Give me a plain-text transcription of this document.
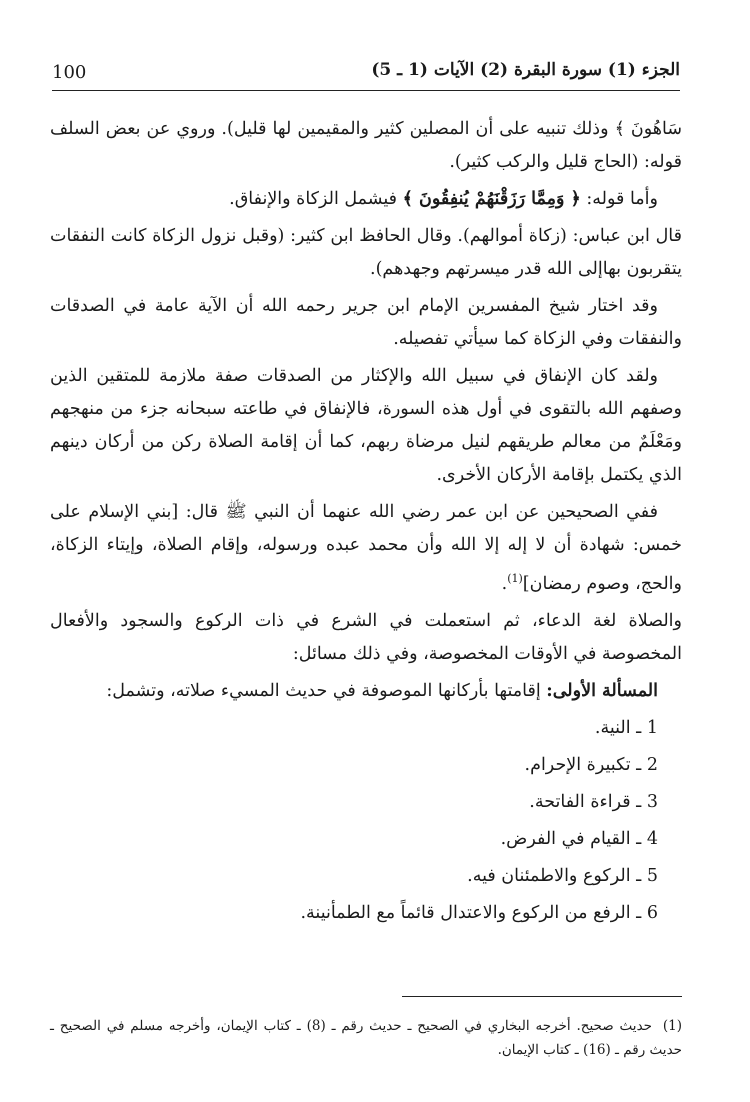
100	الجزء (1) سورة البقرة (2) الآيات (1 ـ 5)

سَاهُونَ ﴾ وذلك تنبيه على أن المصلين كثير والمقيمين لها قليل). وروي عن بعض السلف قوله: (الحاج قليل والركب كثير).

وأما قوله: ﴿ وَمِمَّا رَزَقْنَهُمْ يُنفِقُونَ ﴾ فيشمل الزكاة والإنفاق.

قال ابن عباس: (زكاة أموالهم). وقال الحافظ ابن كثير: (وقبل نزول الزكاة كانت النفقات يتقربون بهاإلى الله قدر ميسرتهم وجهدهم).

وقد اختار شيخ المفسرين الإمام ابن جرير رحمه الله أن الآية عامة في الصدقات والنفقات وفي الزكاة كما سيأتي تفصيله.

ولقد كان الإنفاق في سبيل الله والإكثار من الصدقات صفة ملازمة للمتقين الذين وصفهم الله بالتقوى في أول هذه السورة، فالإنفاق في طاعته سبحانه جزء من منهجهم ومَعْلَمٌ من معالم طريقهم لنيل مرضاة ربهم، كما أن إقامة الصلاة ركن من أركان دينهم الذي يكتمل بإقامة الأركان الأخرى.

ففي الصحيحين عن ابن عمر رضي الله عنهما أن النبي ﷺ قال: [بني الإسلام على خمس: شهادة أن لا إله إلا الله وأن محمد عبده ورسوله، وإقام الصلاة، وإيتاء الزكاة، والحج، وصوم رمضان]$^{(1)}$.

والصلاة لغة الدعاء، ثم استعملت في الشرع في ذات الركوع والسجود والأفعال المخصوصة في الأوقات المخصوصة، وفي ذلك مسائل:

المسألة الأولى: إقامتها بأركانها الموصوفة في حديث المسيء صلاته، وتشمل:

1 ـ النية.

2 ـ تكبيرة الإحرام.

3 ـ قراءة الفاتحة.

4 ـ القيام في الفرض.

5 ـ الركوع والاطمئنان فيه.

6 ـ الرفع من الركوع والاعتدال قائماً مع الطمأنينة.

(1)حديث صحيح. أخرجه البخاري في الصحيح ـ حديث رقم ـ (8) ـ كتاب الإيمان، وأخرجه مسلم في الصحيح ـ حديث رقم ـ (16) ـ كتاب الإيمان.
